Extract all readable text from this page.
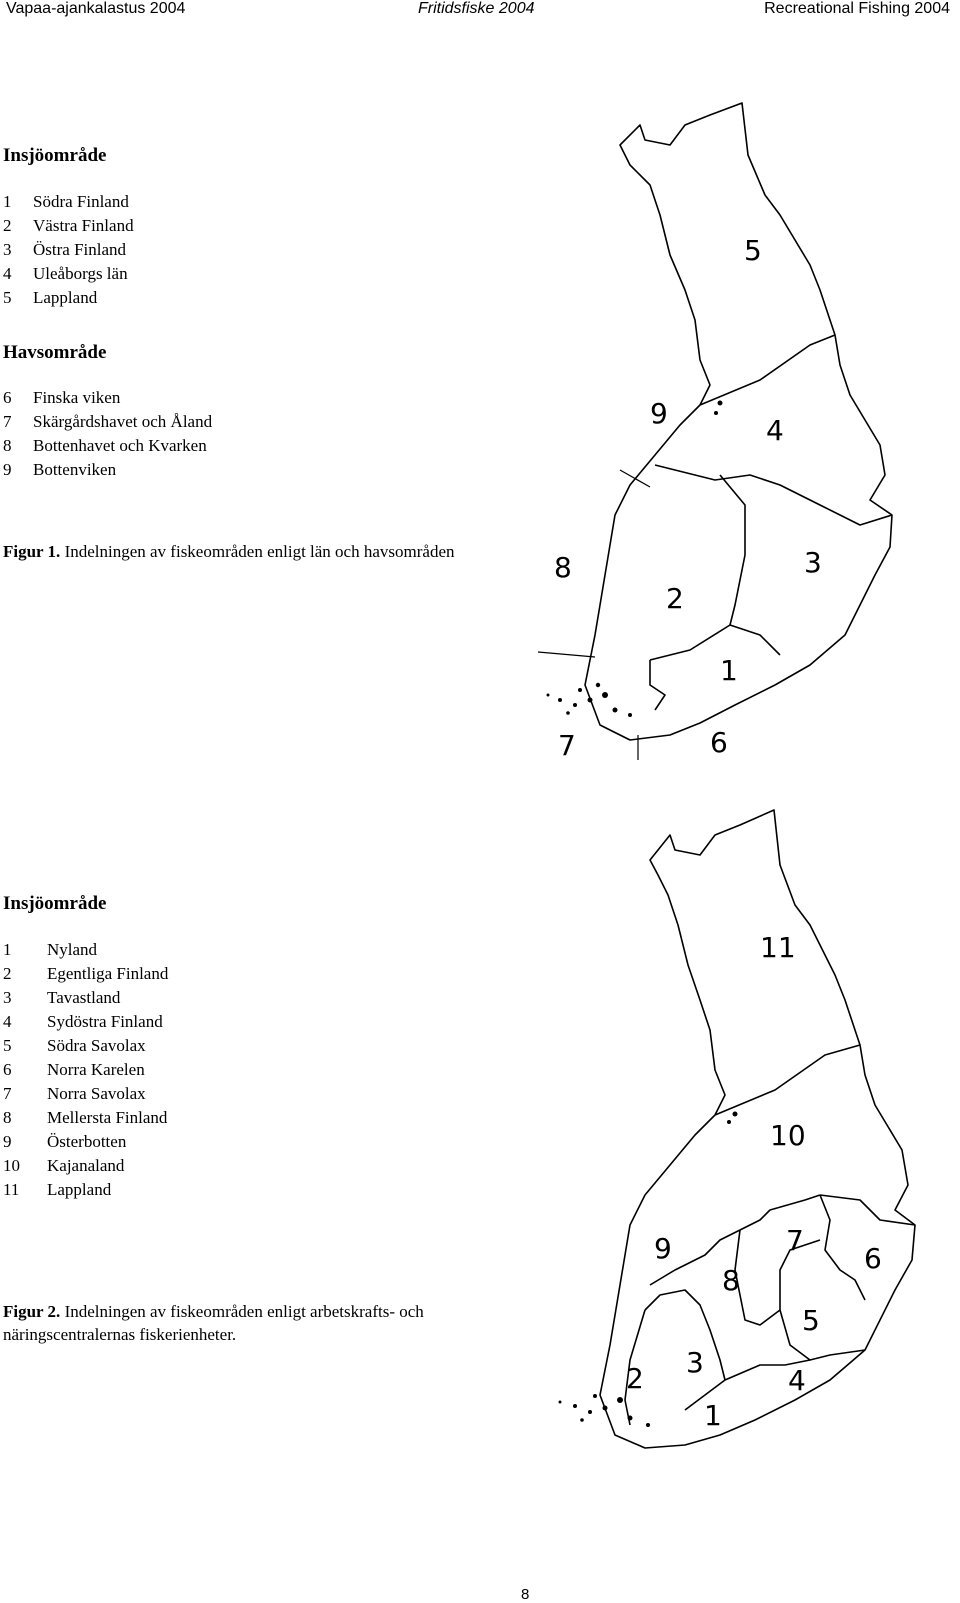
Vapaa-ajankalastus 2004	Fritidsfiske 2004	Recreational Fishing 2004
Insjöområde
1 Södra Finland
2 Västra Finland
3 Östra Finland
4 Uleåborgs län
5 Lappland
Havsområde
6 Finska viken
7 Skärgårdshavet och Åland
8 Bottenhavet och Kvarken
9 Bottenviken
Figur 1. Indelningen av fiskeområden enligt län och havsområden
5
9
4
8	3
2
1
7	6
Insjöområde
1 Nyland
2 Egentliga Finland
3 Tavastland
4 Sydöstra Finland
5 Södra Savolax
6 Norra Karelen
7 Norra Savolax
8 Mellersta Finland
9 Österbotten
10 Kajanaland
11 Lappland
Figur 2. Indelningen av fiskeområden enligt arbetskrafts- och näringscentralernas fiskerienheter.
11
10
9	7
6
8
5
3
2	4
1
8
